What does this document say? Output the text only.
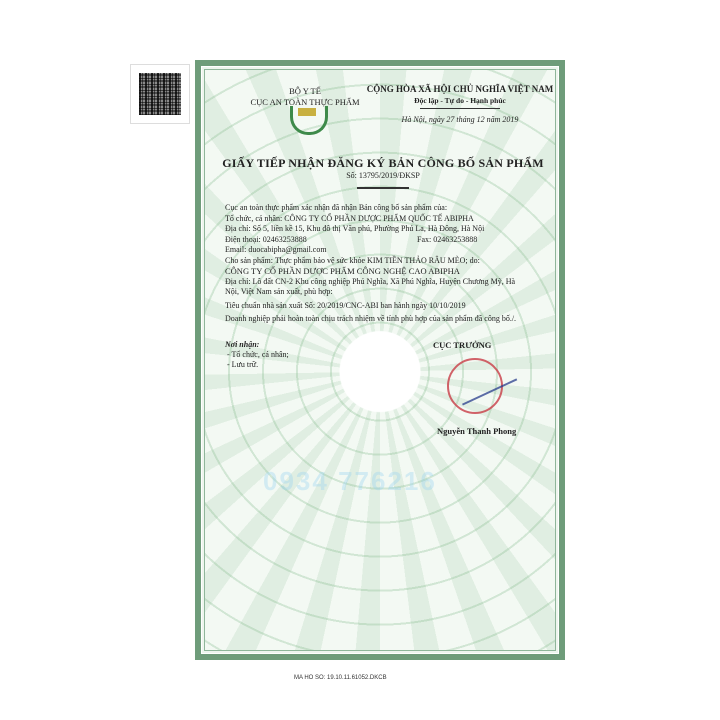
BỘ Y TẾ
CỤC AN TOÀN THỰC PHẨM
CỘNG HÒA XÃ HỘI CHỦ NGHĨA VIỆT NAM
Độc lập - Tự do - Hạnh phúc
Hà Nội, ngày 27 tháng 12 năm 2019
GIẤY TIẾP NHẬN ĐĂNG KÝ BẢN CÔNG BỐ SẢN PHẨM
Số: 13795/2019/ĐKSP
Cục an toàn thực phẩm xác nhận đã nhận Bản công bố sản phẩm của:
Tổ chức, cá nhân: CÔNG TY CỔ PHẦN DƯỢC PHẨM QUỐC TẾ ABIPHA
Địa chỉ: Số 5, liền kề 15, Khu đô thị Văn phú, Phường Phú La, Hà Đông, Hà Nội
Điện thoại: 02463253888	Fax: 02463253888
Email: duocabipha@gmail.com
Cho sản phẩm: Thực phẩm bảo vệ sức khỏe KIM TIỀN THẢO RÂU MÈO; do:
CÔNG TY CỔ PHẦN DƯỢC PHẨM CÔNG NGHỆ CAO ABIPHA
Địa chỉ: Lô đất CN-2 Khu công nghiệp Phú Nghĩa, Xã Phú Nghĩa, Huyện Chương Mỹ, Hà
Nội, Việt Nam sản xuất, phù hợp:
Tiêu chuẩn nhà sản xuất Số: 20/2019/CNC-ABI ban hành ngày 10/10/2019
Doanh nghiệp phải hoàn toàn chịu trách nhiệm về tính phù hợp của sản phẩm đã công bố./.
Nơi nhận:
- Tổ chức, cá nhân;
- Lưu trữ.
CỤC TRƯỞNG
Nguyễn Thanh Phong
0934 776216
MA HO SO: 19.10.11.61052.DKCB
